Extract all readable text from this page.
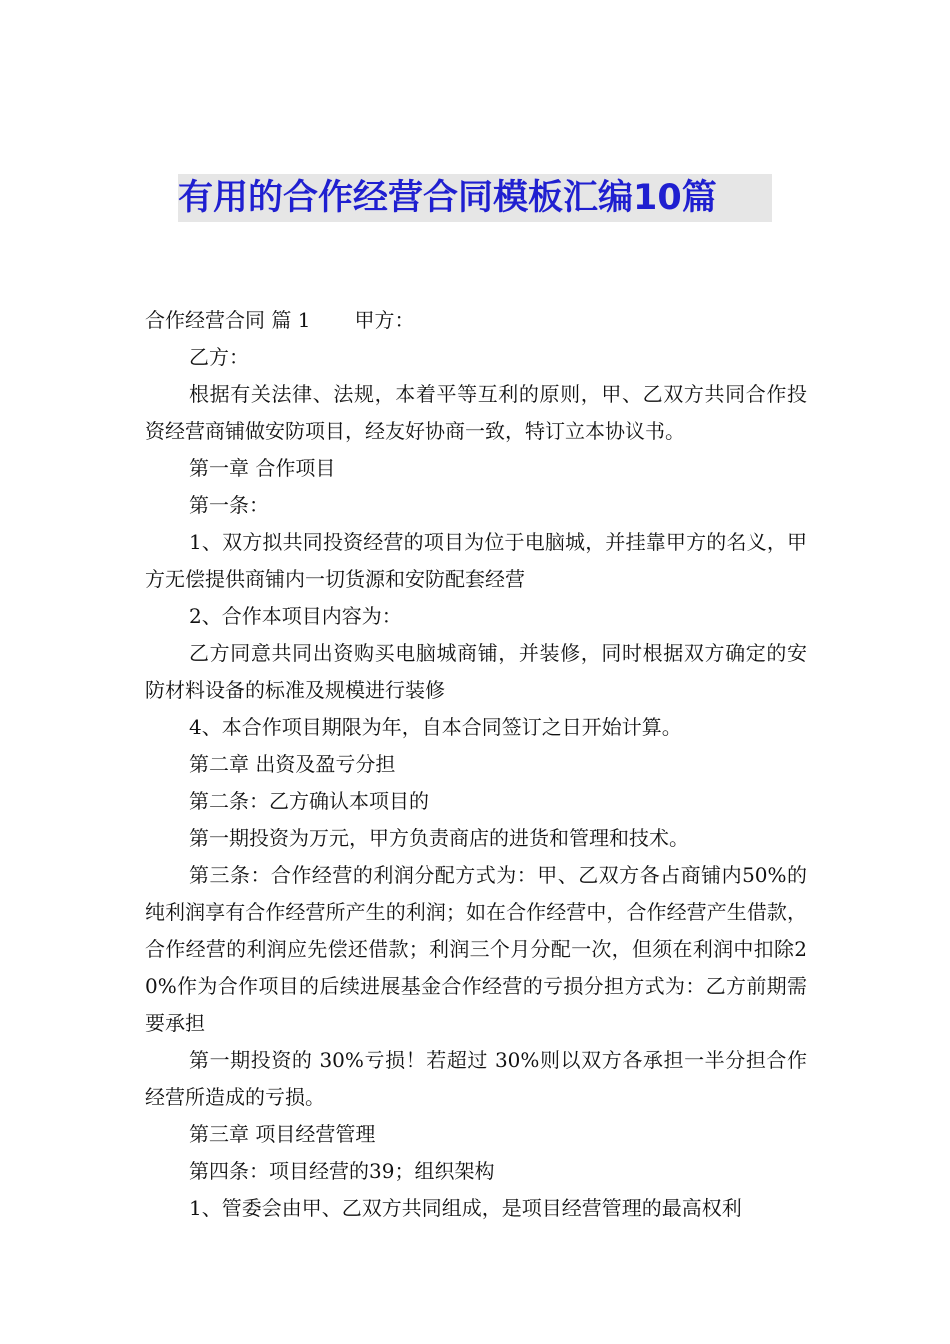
有用的合作经营合同模板汇编10篇

合作经营合同 篇 1 甲方：

乙方：

根据有关法律、法规，本着平等互利的原则，甲、乙双方共同合作投资经营商铺做安防项目，经友好协商一致，特订立本协议书。

第一章 合作项目

第一条：

1、双方拟共同投资经营的项目为位于电脑城，并挂靠甲方的名义，甲方无偿提供商铺内一切货源和安防配套经营

2、合作本项目内容为：

乙方同意共同出资购买电脑城商铺，并装修，同时根据双方确定的安防材料设备的标准及规模进行装修

4、本合作项目期限为年，自本合同签订之日开始计算。

第二章 出资及盈亏分担

第二条：乙方确认本项目的

第一期投资为万元，甲方负责商店的进货和管理和技术。

第三条：合作经营的利润分配方式为：甲、乙双方各占商铺内50%的纯利润享有合作经营所产生的利润；如在合作经营中，合作经营产生借款，合作经营的利润应先偿还借款；利润三个月分配一次，但须在利润中扣除20%作为合作项目的后续进展基金合作经营的亏损分担方式为：乙方前期需要承担

第一期投资的 30%亏损！若超过 30%则以双方各承担一半分担合作经营所造成的亏损。

第三章 项目经营管理

第四条：项目经营的39；组织架构

1、管委会由甲、乙双方共同组成，是项目经营管理的最高权利
